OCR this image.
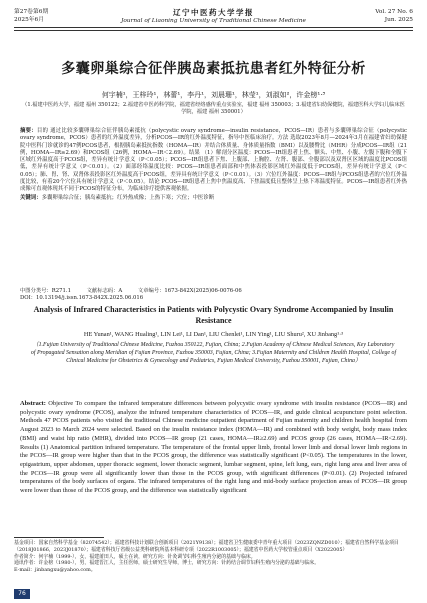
第27卷第6期
2025年6月
辽宁中医药大学学报
Journal of Liaoning University of Traditional Chinese Medicine
Vol. 27 No. 6
Jun. 2025
多囊卵巢综合征伴胰岛素抵抗患者红外特征分析
何宇楠¹，王梓玲¹，林蕾¹，李丹¹，刘晨珊¹，林莹¹，刘淑如²，许金榜¹·³
（1.福建中医药大学，福建 福州 350122；2.福建省中医药科学院，福建省经络感传重点实验室，福建 福州 350003；3.福建省妇幼保健院，福建医科大学妇儿临床医学院，福建 福州 350001）
摘要：目的 通过比较多囊卵巢综合征伴胰岛素抵抗（polycystic ovary syndrome—insulin resistance，PCOS—IR）患者与多囊卵巢综合征（polycystic ovary syndrome，PCOS）患者的红外温度差异，分析PCOS—IR的红外温度特征，指导中医临床治疗。方法 选取2023年8月—2024年3月在福建省妇幼保健院中医科门诊就诊的47例PCOS患者，根据胰岛素抵抗指数（HOMA—IR）并结合体质量、身体质量指数（BMI）以及腰臀比（MHR）分成PCOS—IR组（21例，HOMA—IR≥2.69）和PCOS组（26例，HOMA—IR＜2.69）。结果 （1）解剖分区温度：PCOS—IR组患者上焦、额头、中焦、小腹、左腹下腹和全腹下区域红外温度高于PCOS组，差异有统计学意义（P＜0.05）；PCOS—IR组患者下焦、上腹部、上胸腔、左肾、腹部、全腹部以及双肾区区域的温度比PCOS组低，差异有统计学意义（P＜0.01）。（2）面部经络温度比较：PCOS—IR组患者面部和中焦体表投影区域红外温度低于PCOS组，差异有统计学意义（P＜0.05）；肺、胃、肾、双肾体表投影区红外温度高于PCOS组，差异具有统计学意义（P＜0.01）。（3）穴位红外温度：PCOS—IR组与PCOS组患者的穴位红外温度比较，有着20个穴位具有统计学意义（P＜0.05）。结论 PCOS—IR组患者上焦中焦温度高、下焦温度低且整体呈上热下寒温度特征。PCOS—IR组患者红外热成像可直观体现其不同于PCOS的特征分布，为临床诊疗提供客观依据。
关键词：多囊卵巢综合征；胰岛素抵抗；红外热成像；上热下寒；穴位；中医诊断
中图分类号：R271.1	文献标志码：A	文章编号：1673-842X(2025)06-0076-06
DOI：10.13194/j.issn.1673-842X.2025.06.016
Analysis of Infrared Characteristics in Patients with Polycystic Ovary Syndrome Accompanied by Insulin Resistance
HE Yunan¹, WANG Hualing¹, LIN Lei¹, LI Dan¹, LIU Chenlei¹, LIN Ying¹, LIU Shuru², XU Jinbang¹·³
（1.Fujian University of Traditional Chinese Medicine, Fuzhou 350122, Fujian, China; 2.Fujian Academy of Chinese Medical Sciences, Key Laboratory of Propagated Sensation along Meridian of Fujian Province, Fuzhou 350003, Fujian, China; 3.Fujian Maternity and Children Health Hospital, College of Clinical Medicine for Obstetrics & Gynecology and Pediatrics, Fujian Medical University, Fuzhou 350001, Fujian, China）
Abstract: Objective To compare the infrared temperature differences between polycystic ovary syndrome with insulin resistance (PCOS—IR) and polycystic ovary syndrome (PCOS), analyze the infrared temperature characteristics of PCOS—IR, and guide clinical acupuncture point selection. Methods 47 PCOS patients who visited the traditional Chinese medicine outpatient department of Fujian maternity and children health hospital from August 2023 to March 2024 were selected. Based on the insulin resistance index (HOMA—IR) and combined with body weight, body mass index (BMI) and waist hip ratio (MHR), divided into PCOS—IR group (21 cases, HOMA—IR≥2.69) and PCOS group (26 cases, HOMA—IR<2.69). Results (1) Anatomical partition infrared temperature. The temperature of the frontal upper limb, frontal lower limb and dorsal lower limb regions in the PCOS—IR group were higher than that in the PCOS group, the difference was statistically significant (P<0.05). The temperatures in the lower, epigastrium, upper abdomen, upper thoracic segment, lower thoracic segment, lumbar segment, spine, left lung, ears, right lung area and liver area of the PCOS—IR group were all significantly lower than those in the PCOS group, with significant differences (P<0.01). (2) Projected infrared temperatures of the body surfaces of organs. The infrared temperatures of the right lung and mid-body surface projection areas of PCOS—IR group were lower than those of the PCOS group, and the difference was statistically significant
基金项目：国家自然科学基金（82074542）；福建省科技计划联合创新项目（2021Y9138）；福建省卫生健康委中青年重大项目（2023ZQNZD010）；福建省自然科学基金项目（2018J01866，2023J01870）；福建省科技厅省级公益类科研院所基本科研专项（2022R1003005）；福建省中医药大学校管重点项目（X2022005）
作者简介：何宇楠（1999-），女，福建莆田人，硕士在读，研究方向：针灸调节妇科生殖内分泌的基础与临床。
通讯作者：许金榜（1980-），男，福建晋江人，主任医师，硕士研究生导师，博士，研究方向：针药结合调节妇科生殖内分泌的基础与临床。
E-mail：jinbangxu@yahoo.com。
76
